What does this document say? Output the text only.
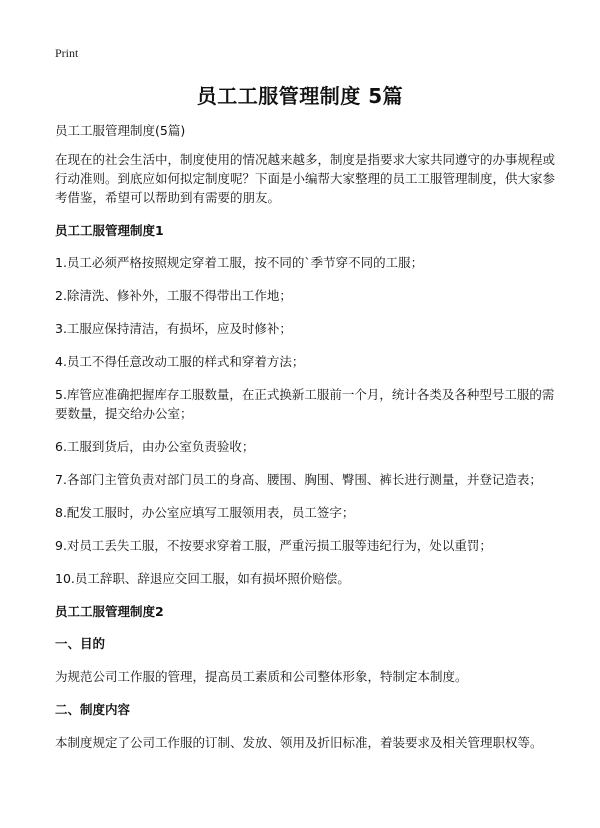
Print
员工工服管理制度 5篇

员工工服管理制度(5篇)

在现在的社会生活中，制度使用的情况越来越多，制度是指要求大家共同遵守的办事规程或行动准则。到底应如何拟定制度呢？下面是小编帮大家整理的员工工服管理制度，供大家参考借鉴，希望可以帮助到有需要的朋友。

员工工服管理制度1

1.员工必须严格按照规定穿着工服，按不同的`季节穿不同的工服；

2.除清洗、修补外，工服不得带出工作地；

3.工服应保持清洁，有损坏，应及时修补；

4.员工不得任意改动工服的样式和穿着方法；

5.库管应准确把握库存工服数量，在正式换新工服前一个月，统计各类及各种型号工服的需要数量，提交给办公室；

6.工服到货后，由办公室负责验收；

7.各部门主管负责对部门员工的身高、腰围、胸围、臀围、裤长进行测量，并登记造表；

8.配发工服时，办公室应填写工服领用表，员工签字；

9.对员工丢失工服，不按要求穿着工服，严重污损工服等违纪行为，处以重罚；

10.员工辞职、辞退应交回工服，如有损坏照价赔偿。

员工工服管理制度2

一、目的

为规范公司工作服的管理，提高员工素质和公司整体形象，特制定本制度。

二、制度内容

本制度规定了公司工作服的订制、发放、领用及折旧标准，着装要求及相关管理职权等。
